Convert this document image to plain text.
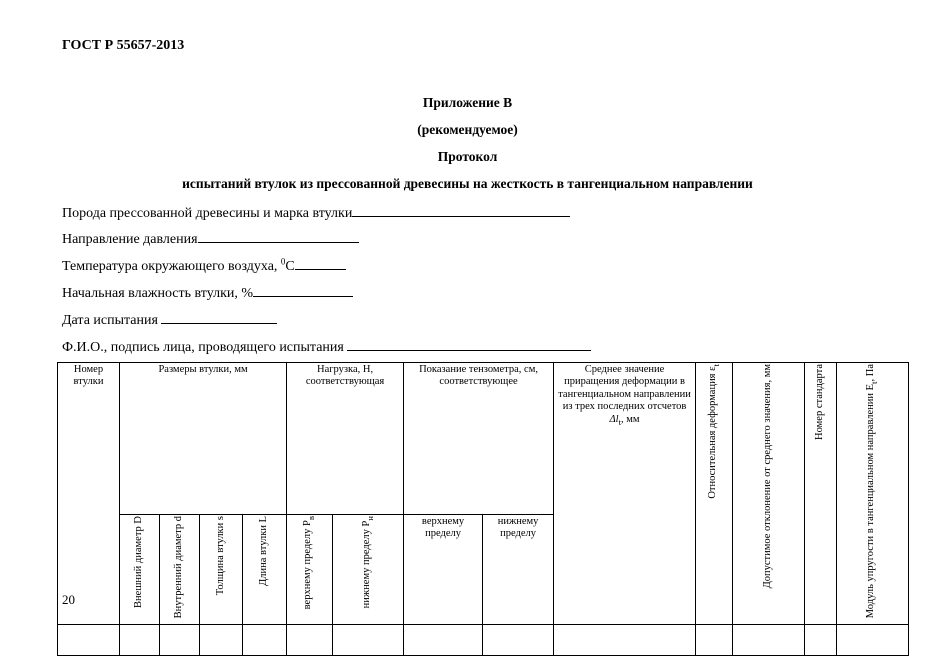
ГОСТ Р 55657-2013
Приложение В
(рекомендуемое)
Протокол
испытаний втулок из прессованной древесины на жесткость в тангенциальном направлении
Порода прессованной древесины и марка втулки
Направление давления
Температура окружающего воздуха, $^0$С
Начальная влажность втулки, %
Дата испытания
Ф.И.О., подпись лица, проводящего испытания
Номер втулки	Размеры втулки, мм				Нагрузка, Н, соответствующая		Показание тензометра, см, соответствующее		Среднее значение приращения деформации в тангенциальном направлении из трех последних отсчетов $\Delta l_t$, мм	Относительная деформация $\varepsilon_t$	Допустимое отклонение от среднего значения, мм	Номер стандарта	Модуль упругости в тангенциальном направлении $E_t$, Па
	Внешний диаметр D	Внутренний диаметр d	Толщина втулки s	Длина втулки L	верхнему пределу $P_в$	нижнему пределу $P_н$	верхнему пределу	нижнему пределу					

20
